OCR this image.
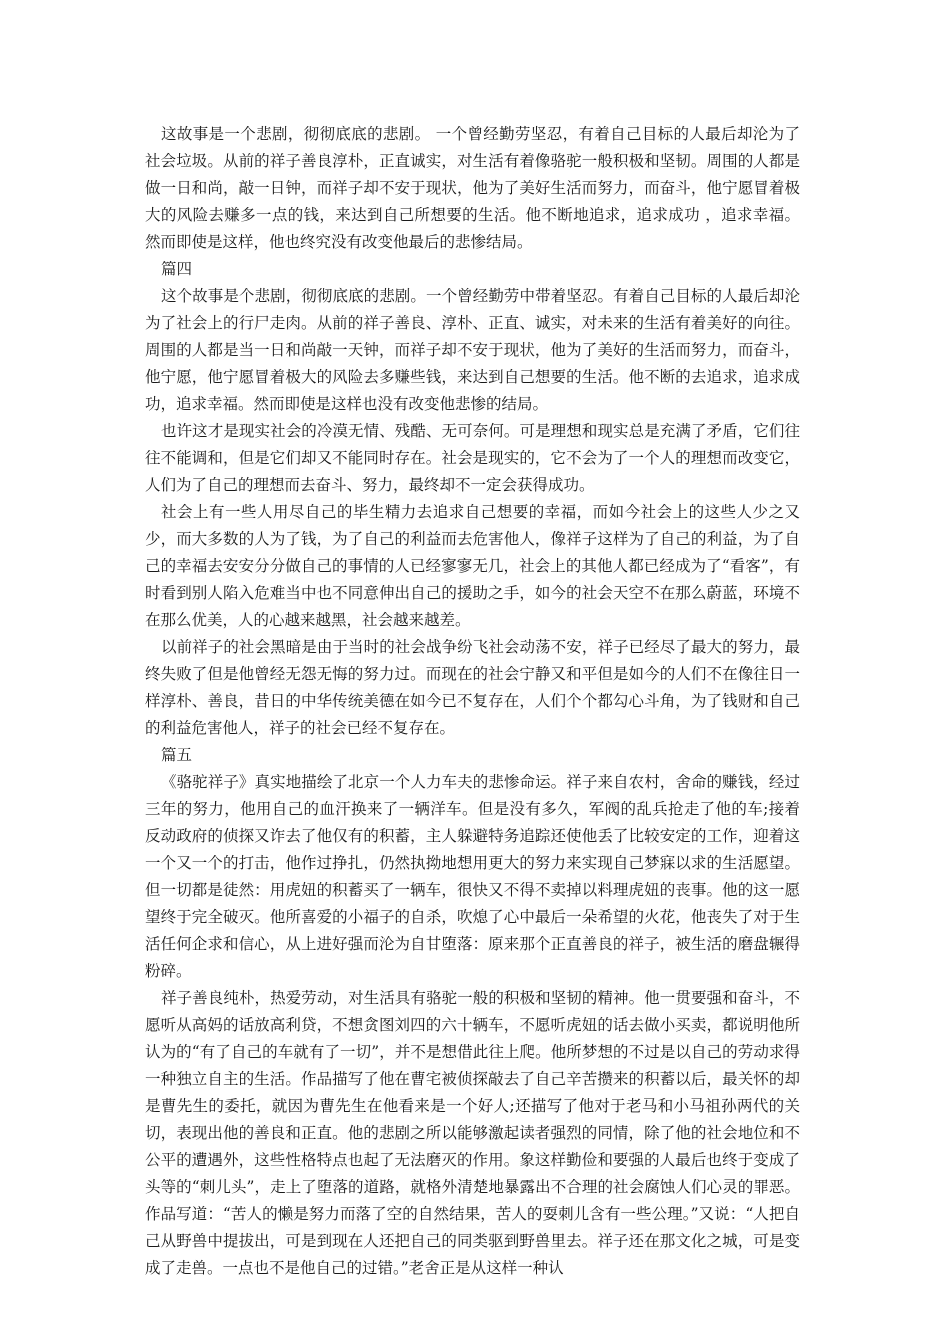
这故事是一个悲剧，彻彻底底的悲剧。 一个曾经勤劳坚忍，有着自己目标的人最后却沦为了社会垃圾。从前的祥子善良淳朴，正直诚实，对生活有着像骆驼一般积极和坚韧。周围的人都是做一日和尚，敲一日钟，而祥子却不安于现状，他为了美好生活而努力，而奋斗，他宁愿冒着极大的风险去赚多一点的钱，来达到自己所想要的生活。他不断地追求，追求成功 ，追求幸福。然而即使是这样，他也终究没有改变他最后的悲惨结局。

篇四

这个故事是个悲剧，彻彻底底的悲剧。一个曾经勤劳中带着坚忍。有着自己目标的人最后却沦为了社会上的行尸走肉。从前的祥子善良、淳朴、正直、诚实，对未来的生活有着美好的向往。周围的人都是当一日和尚敲一天钟，而祥子却不安于现状，他为了美好的生活而努力，而奋斗，他宁愿，他宁愿冒着极大的风险去多赚些钱，来达到自己想要的生活。他不断的去追求，追求成功，追求幸福。然而即使是这样也没有改变他悲惨的结局。

也许这才是现实社会的冷漠无情、残酷、无可奈何。可是理想和现实总是充满了矛盾，它们往往不能调和，但是它们却又不能同时存在。社会是现实的，它不会为了一个人的理想而改变它，人们为了自己的理想而去奋斗、努力，最终却不一定会获得成功。

社会上有一些人用尽自己的毕生精力去追求自己想要的幸福，而如今社会上的这些人少之又少，而大多数的人为了钱，为了自己的利益而去危害他人，像祥子这样为了自己的利益，为了自己的幸福去安安分分做自己的事情的人已经寥寥无几，社会上的其他人都已经成为了“看客”，有时看到别人陷入危难当中也不同意伸出自己的援助之手，如今的社会天空不在那么蔚蓝，环境不在那么优美，人的心越来越黑，社会越来越差。

以前祥子的社会黑暗是由于当时的社会战争纷飞社会动荡不安，祥子已经尽了最大的努力，最终失败了但是他曾经无怨无悔的努力过。而现在的社会宁静又和平但是如今的人们不在像往日一样淳朴、善良，昔日的中华传统美德在如今已不复存在，人们个个都勾心斗角，为了钱财和自己的利益危害他人，祥子的社会已经不复存在。

篇五

《骆驼祥子》真实地描绘了北京一个人力车夫的悲惨命运。祥子来自农村，舍命的赚钱，经过三年的努力，他用自己的血汗换来了一辆洋车。但是没有多久，军阀的乱兵抢走了他的车;接着反动政府的侦探又诈去了他仅有的积蓄，主人躲避特务追踪还使他丢了比较安定的工作，迎着这一个又一个的打击，他作过挣扎，仍然执拗地想用更大的努力来实现自己梦寐以求的生活愿望。但一切都是徒然：用虎妞的积蓄买了一辆车，很快又不得不卖掉以料理虎妞的丧事。他的这一愿望终于完全破灭。他所喜爱的小福子的自杀，吹熄了心中最后一朵希望的火花，他丧失了对于生活任何企求和信心，从上进好强而沦为自甘堕落：原来那个正直善良的祥子，被生活的磨盘辗得粉碎。

祥子善良纯朴，热爱劳动，对生活具有骆驼一般的积极和坚韧的精神。他一贯要强和奋斗，不愿听从高妈的话放高利贷，不想贪图刘四的六十辆车，不愿听虎妞的话去做小买卖，都说明他所认为的“有了自己的车就有了一切”，并不是想借此往上爬。他所梦想的不过是以自己的劳动求得一种独立自主的生活。作品描写了他在曹宅被侦探敲去了自己辛苦攒来的积蓄以后，最关怀的却是曹先生的委托，就因为曹先生在他看来是一个好人;还描写了他对于老马和小马祖孙两代的关切，表现出他的善良和正直。他的悲剧之所以能够激起读者强烈的同情，除了他的社会地位和不公平的遭遇外，这些性格特点也起了无法磨灭的作用。象这样勤俭和要强的人最后也终于变成了头等的“刺儿头”，走上了堕落的道路，就格外清楚地暴露出不合理的社会腐蚀人们心灵的罪恶。作品写道：“苦人的懒是努力而落了空的自然结果，苦人的耍刺儿含有一些公理。”又说：“人把自己从野兽中提拔出，可是到现在人还把自己的同类驱到野兽里去。祥子还在那文化之城，可是变成了走兽。一点也不是他自己的过错。”老舍正是从这样一种认
